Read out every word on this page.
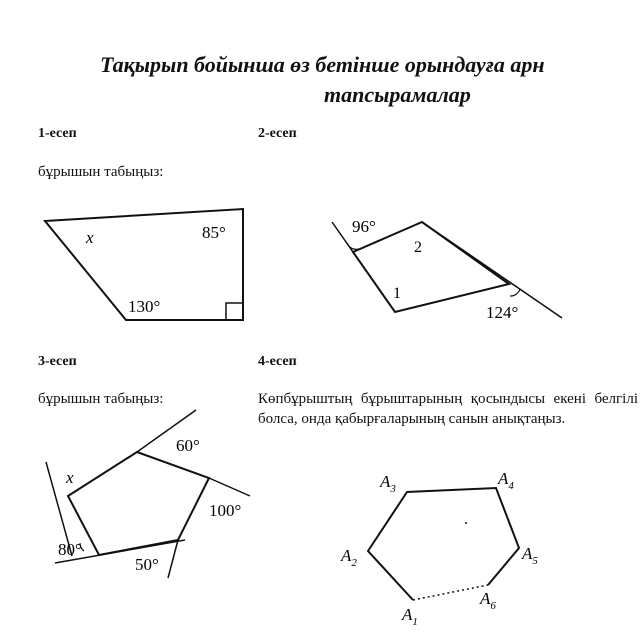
Тақырып бойынша өз бетінше орындауға арн
тапсырамалар
1-есеп	2-есеп
бұрышын табыңыз:
3-есеп	4-есеп
бұрышын табыңыз:	Көпбұрыштың бұрыштарының қосындысы екені белгілі болса, онда қабырғаларының санын анықтаңыз.
x	85°
130°
96°
2
1
124°
x
60°
100°
80°
50°
$A_1$
$A_2$
$A_3$
$A_4$
$A_5$
$A_6$
